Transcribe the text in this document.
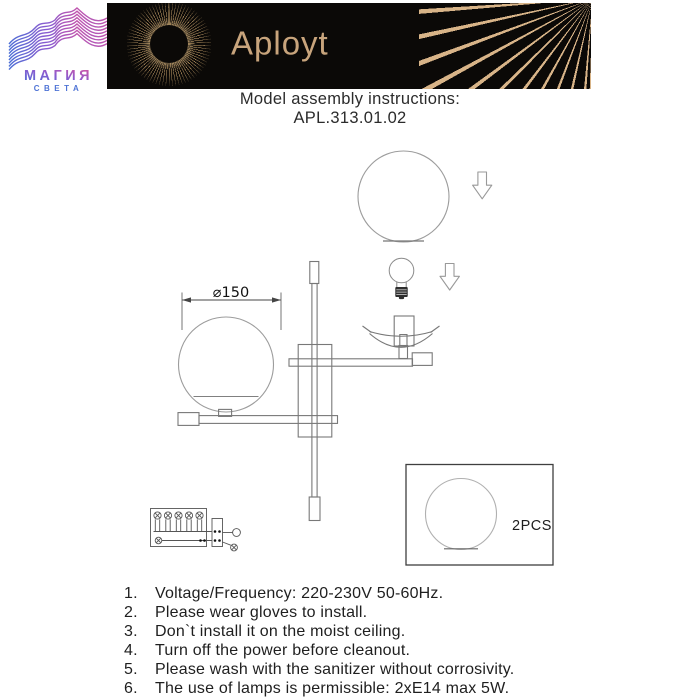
МАГИЯ
СВЕТА
Aployt
Model assembly instructions:
APL.313.01.02
⌀150
2PCS
1.	Voltage/Frequency: 220-230V 50-60Hz.
2.	Please wear gloves to install.
3.	Don`t install it on the moist ceiling.
4.	Turn off the power before cleanout.
5.	Please wash with the sanitizer without corrosivity.
6.	The use of lamps is permissible: 2xE14 max 5W.
